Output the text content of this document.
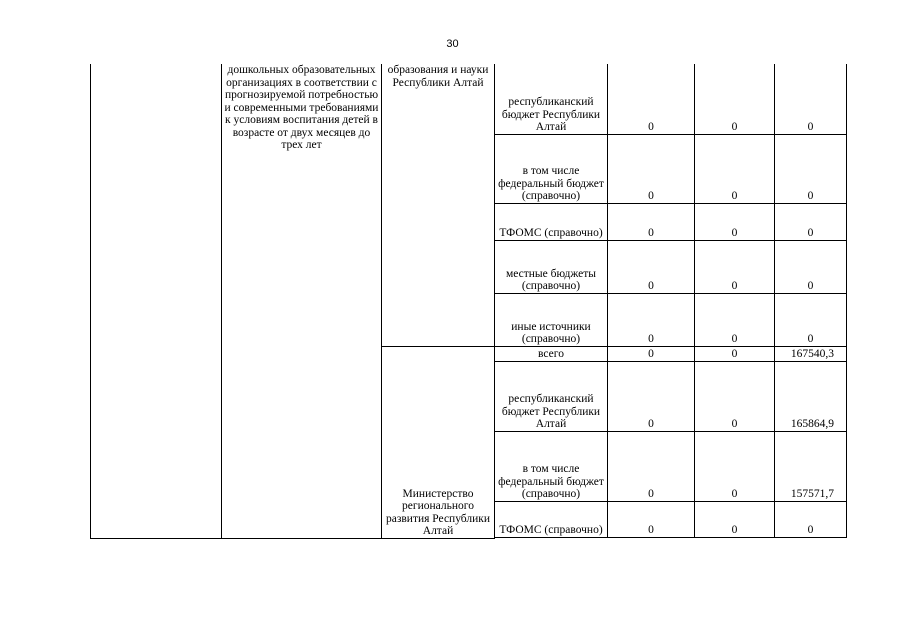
30

	дошкольных образовательных организациях в соответствии с прогнозируемой потребностью и современными требованиями к условиям воспитания детей в возрасте от двух месяцев до трех лет	образования и науки Республики Алтай	республиканский бюджет Республики Алтай	0	0	0
			в том числе федеральный бюджет (справочно)	0	0	0
			ТФОМС (справочно)	0	0	0
			местные бюджеты (справочно)	0	0	0
			иные источники (справочно)	0	0	0

		Министерство регионального развития Республики Алтай	всего	0	0	167540,3
			республиканский бюджет Республики Алтай	0	0	165864,9
			в том числе федеральный бюджет (справочно)	0	0	157571,7
			ТФОМС (справочно)	0	0	0
